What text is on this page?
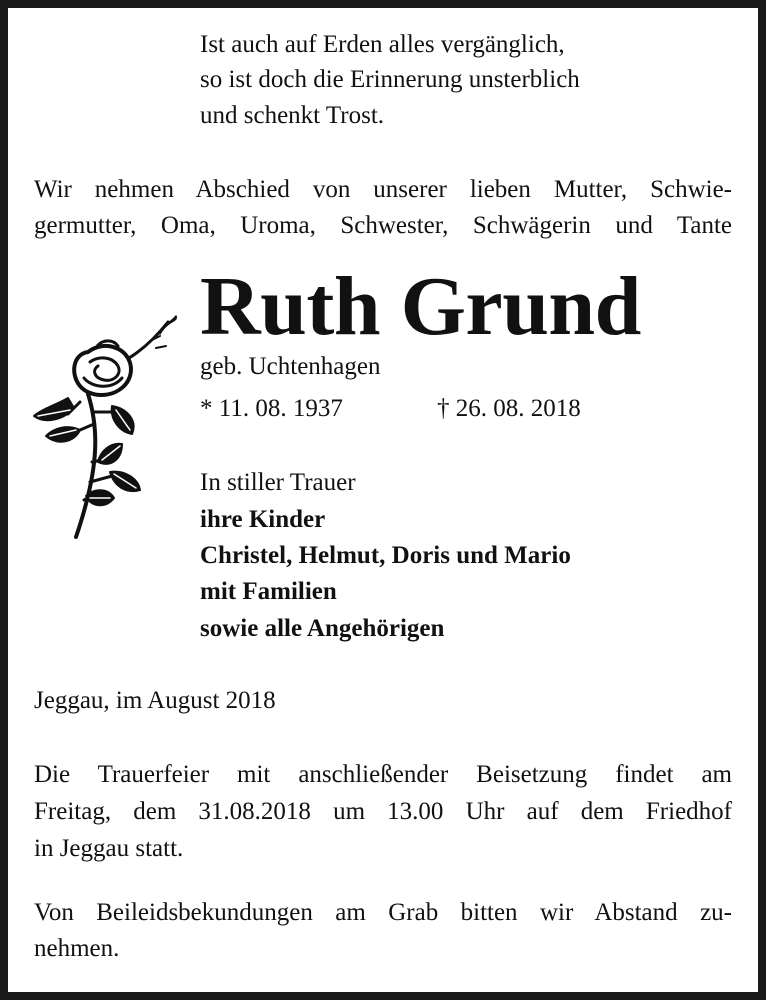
Ist auch auf Erden alles vergänglich,
so ist doch die Erinnerung unsterblich
und schenkt Trost.
Wir nehmen Abschied von unserer lieben Mutter, Schwie-
germutter, Oma, Uroma, Schwester, Schwägerin und Tante
Ruth Grund
geb. Uchtenhagen
* 11. 08. 1937	† 26. 08. 2018
In stiller Trauer
ihre Kinder
Christel, Helmut, Doris und Mario
mit Familien
sowie alle Angehörigen
Jeggau, im August 2018
Die Trauerfeier mit anschließender Beisetzung findet am
Freitag, dem 31.08.2018 um 13.00 Uhr auf dem Friedhof
in Jeggau statt.
Von Beileidsbekundungen am Grab bitten wir Abstand zu-
nehmen.
